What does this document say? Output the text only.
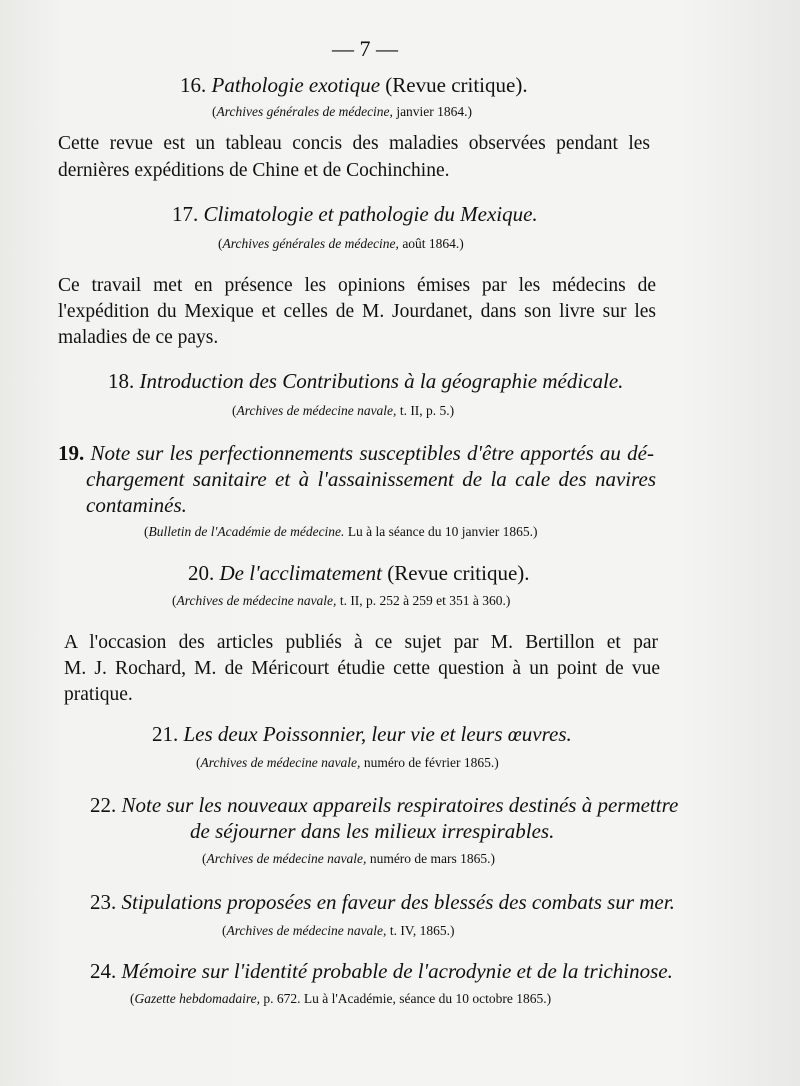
— 7 —
16. Pathologie exotique (Revue critique).
(Archives générales de médecine, janvier 1864.)
Cette revue est un tableau concis des maladies observées pendant les
dernières expéditions de Chine et de Cochinchine.
17. Climatologie et pathologie du Mexique.
(Archives générales de médecine, août 1864.)
Ce travail met en présence les opinions émises par les médecins de
l'expédition du Mexique et celles de M. Jourdanet, dans son livre sur les
maladies de ce pays.
18. Introduction des Contributions à la géographie médicale.
(Archives de médecine navale, t. II, p. 5.)
19. Note sur les perfectionnements susceptibles d'être apportés au dé-
chargement sanitaire et à l'assainissement de la cale des navires
contaminés.
(Bulletin de l'Académie de médecine. Lu à la séance du 10 janvier 1865.)
20. De l'acclimatement (Revue critique).
(Archives de médecine navale, t. II, p. 252 à 259 et 351 à 360.)
A l'occasion des articles publiés à ce sujet par M. Bertillon et par
M. J. Rochard, M. de Méricourt étudie cette question à un point de vue
pratique.
21. Les deux Poissonnier, leur vie et leurs œuvres.
(Archives de médecine navale, numéro de février 1865.)
22. Note sur les nouveaux appareils respiratoires destinés à permettre
de séjourner dans les milieux irrespirables.
(Archives de médecine navale, numéro de mars 1865.)
23. Stipulations proposées en faveur des blessés des combats sur mer.
(Archives de médecine navale, t. IV, 1865.)
24. Mémoire sur l'identité probable de l'acrodynie et de la trichinose.
(Gazette hebdomadaire, p. 672. Lu à l'Académie, séance du 10 octobre 1865.)
